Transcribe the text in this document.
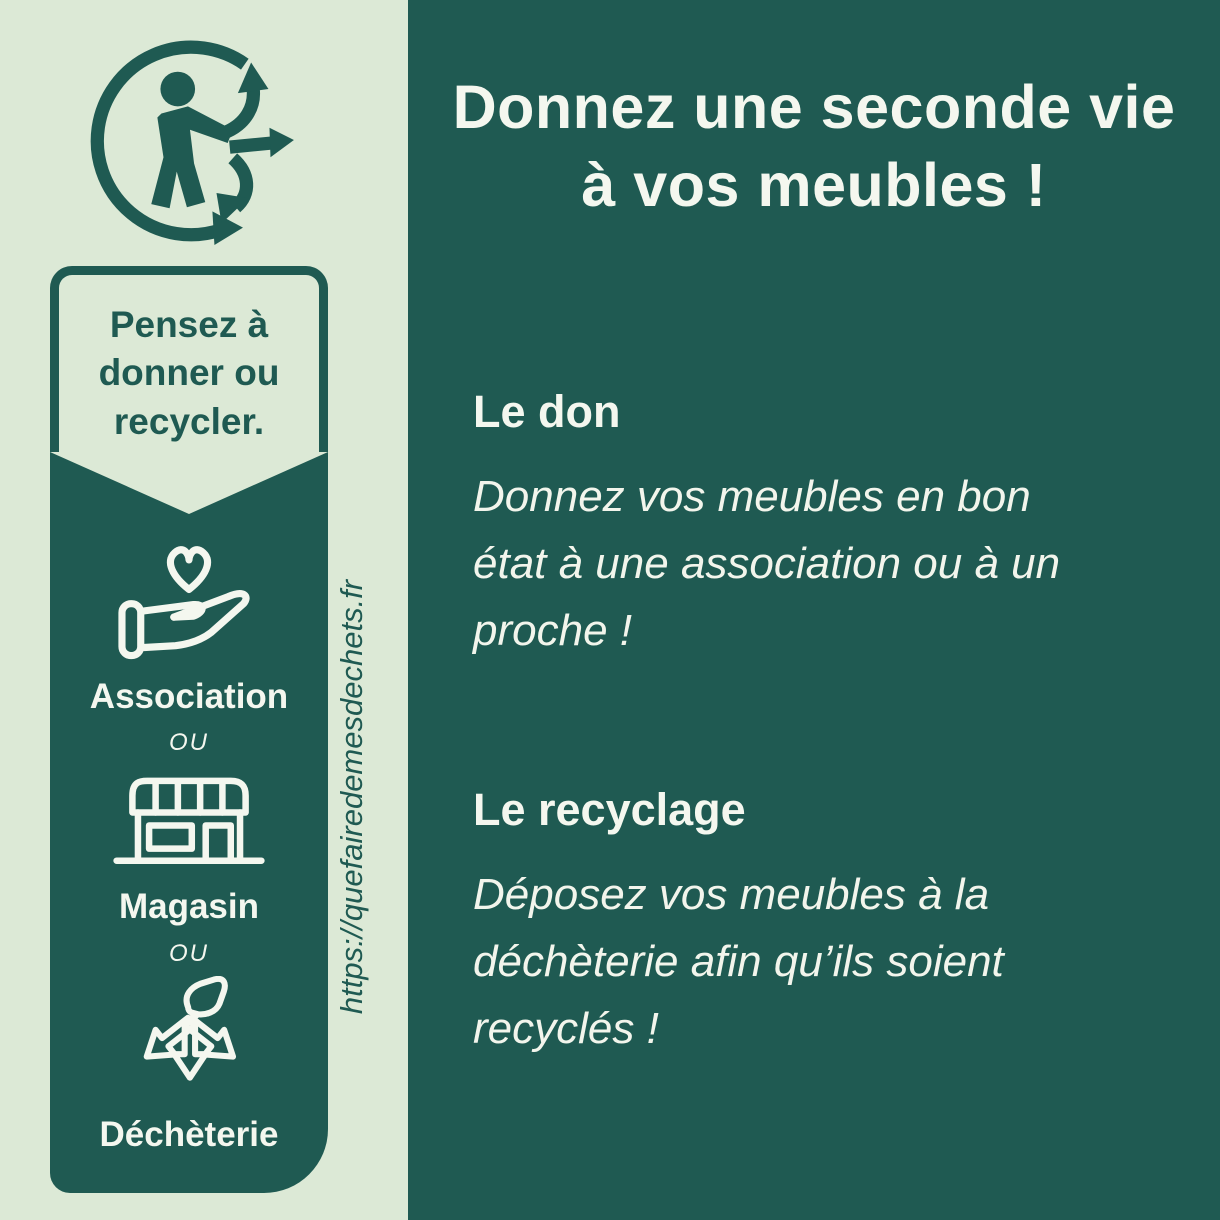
Donnez une seconde vie
à vos meubles !
Le don
Donnez vos meubles en bon
état à une association ou à un
proche !
Le recyclage
Déposez vos meubles à la
déchèterie afin qu’ils soient
recyclés !
Pensez à
donner ou
recycler.
Association
OU
Magasin
OU
Déchèterie
https://quefairedemesdechets.fr
